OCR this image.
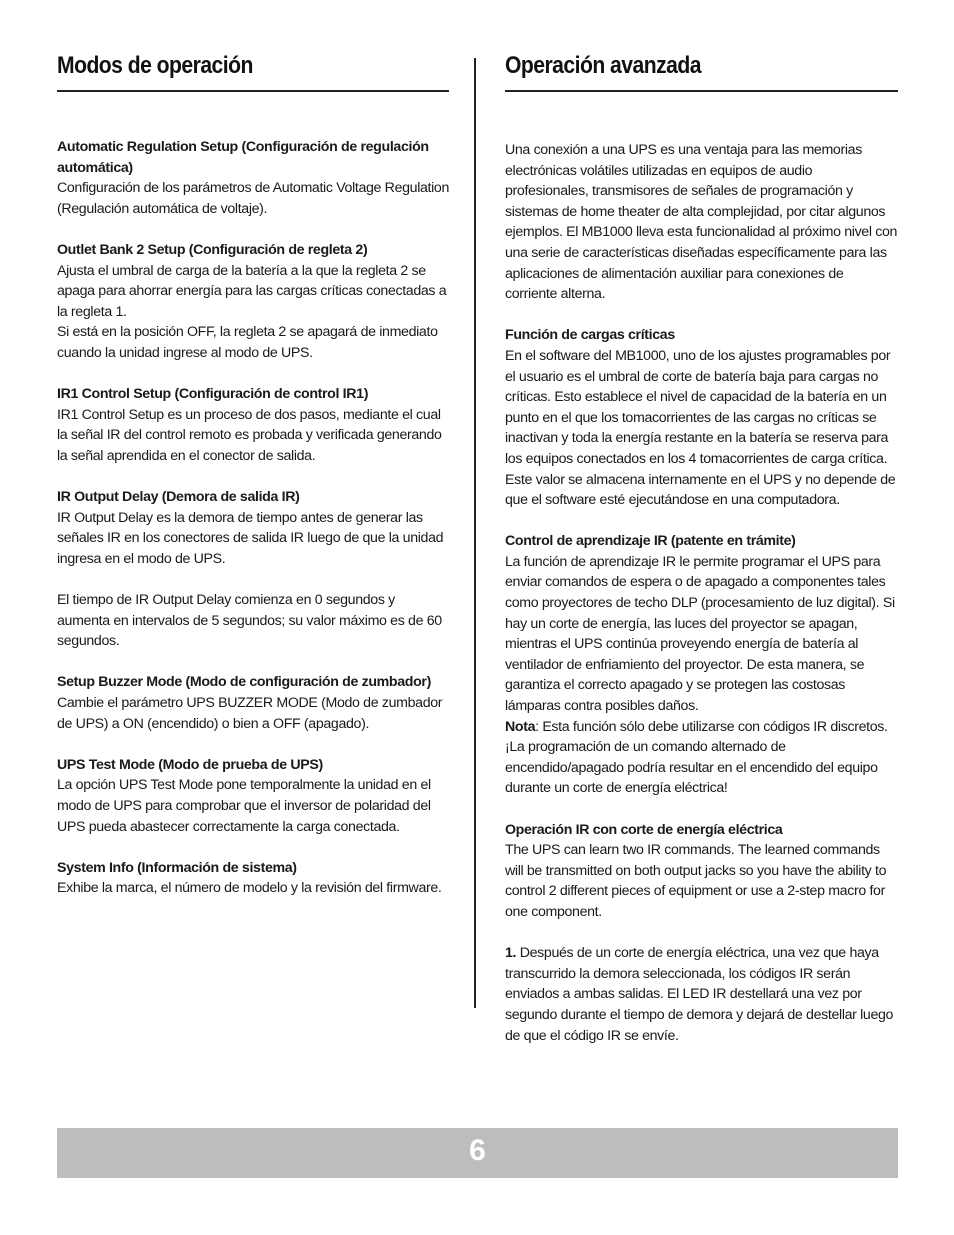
Modos de operación

Automatic Regulation Setup (Configuración de regulación automática)
Configuración de los parámetros de Automatic Voltage Regulation (Regulación automática de voltaje).

Outlet Bank 2 Setup (Configuración de regleta 2)
Ajusta el umbral de carga de la batería a la que la regleta 2 se apaga para ahorrar energía para las cargas críticas conectadas a la regleta 1.
Si está en la posición OFF, la regleta 2 se apagará de inmediato cuando la unidad ingrese al modo de UPS.

IR1 Control Setup (Configuración de control IR1)
IR1 Control Setup es un proceso de dos pasos, mediante el cual la señal IR del control remoto es probada y verificada generando la señal aprendida en el conector de salida.

IR Output Delay (Demora de salida IR)
IR Output Delay es la demora de tiempo antes de generar las señales IR en los conectores de salida IR luego de que la unidad ingresa en el modo de UPS.

El tiempo de IR Output Delay comienza en 0 segundos y aumenta en intervalos de 5 segundos; su valor máximo es de 60 segundos.

Setup Buzzer Mode (Modo de configuración de zumbador)
Cambie el parámetro UPS BUZZER MODE (Modo de zumbador de UPS) a ON (encendido) o bien a OFF (apagado).

UPS Test Mode (Modo de prueba de UPS)
La opción UPS Test Mode pone temporalmente la unidad en el modo de UPS para comprobar que el inversor de polaridad del UPS pueda abastecer correctamente la carga conectada.

System Info (Información de sistema)
Exhibe la marca, el número de modelo y la revisión del firmware.

Operación avanzada

Una conexión a una UPS es una ventaja para las memorias electrónicas volátiles utilizadas en equipos de audio profesionales, transmisores de señales de programación y sistemas de home theater de alta complejidad, por citar algunos ejemplos. El MB1000 lleva esta funcionalidad al próximo nivel con una serie de características diseñadas específicamente para las aplicaciones de alimentación auxiliar para conexiones de corriente alterna.

Función de cargas críticas
En el software del MB1000, uno de los ajustes programables por el usuario es el umbral de corte de batería baja para cargas no críticas. Esto establece el nivel de capacidad de la batería en un punto en el que los tomacorrientes de las cargas no críticas se inactivan y toda la energía restante en la batería se reserva para los equipos conectados en los 4 tomacorrientes de carga crítica. Este valor se almacena internamente en el UPS y no depende de que el software esté ejecutándose en una computadora.

Control de aprendizaje IR (patente en trámite)
La función de aprendizaje IR le permite programar el UPS para enviar comandos de espera o de apagado a componentes tales como proyectores de techo DLP (procesamiento de luz digital). Si hay un corte de energía, las luces del proyector se apagan, mientras el UPS continúa proveyendo energía de batería al ventilador de enfriamiento del proyector. De esta manera, se garantiza el correcto apagado y se protegen las costosas lámparas contra posibles daños.
Nota: Esta función sólo debe utilizarse con códigos IR discretos. ¡La programación de un comando alternado de encendido/apagado podría resultar en el encendido del equipo durante un corte de energía eléctrica!

Operación IR con corte de energía eléctrica
The UPS can learn two IR commands. The learned commands will be transmitted on both output jacks so you have the ability to control 2 different pieces of equipment or use a 2-step macro for one component.

1. Después de un corte de energía eléctrica, una vez que haya transcurrido la demora seleccionada, los códigos IR serán enviados a ambas salidas. El LED IR destellará una vez por segundo durante el tiempo de demora y dejará de destellar luego de que el código IR se envíe.

6
